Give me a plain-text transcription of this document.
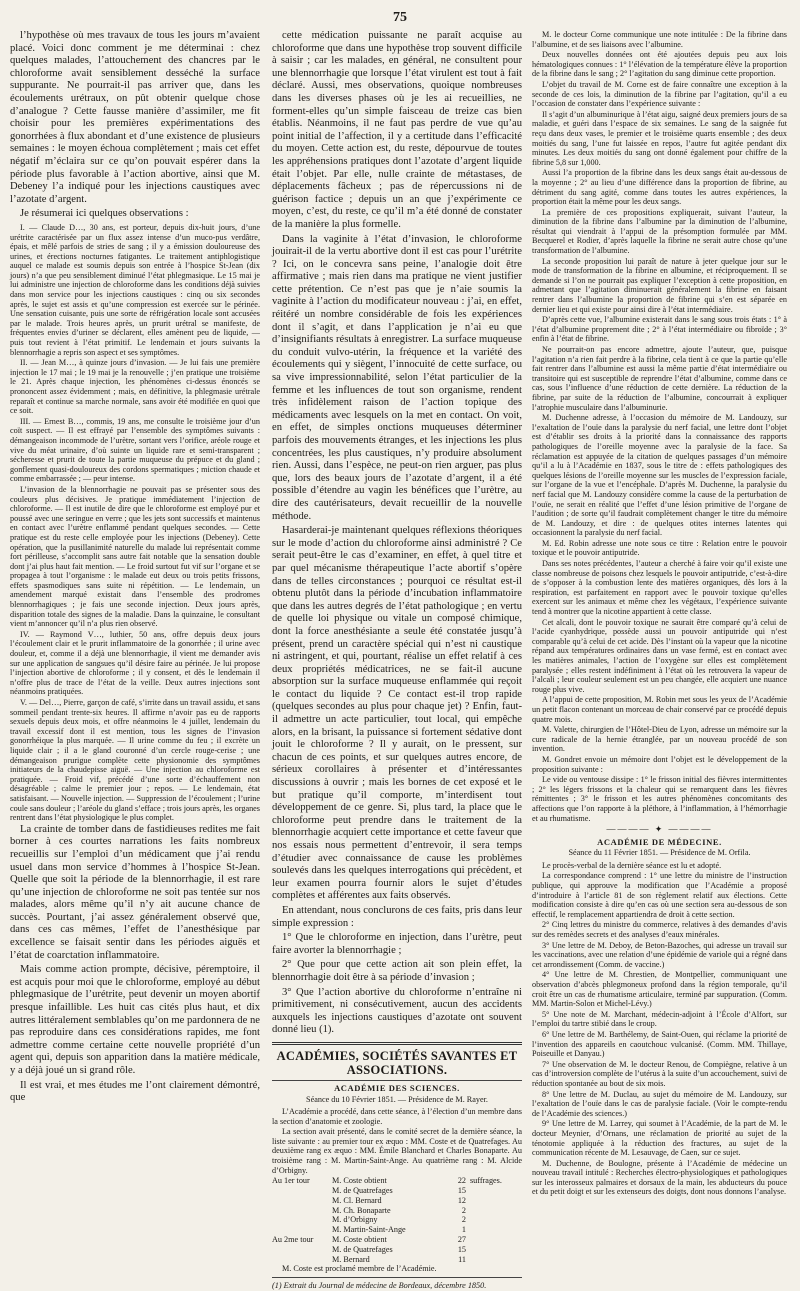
75

l’hypothèse où mes travaux de tous les jours m’avaient placé. Voici donc comment je me déterminai : chez quelques malades, l’attouchement des chancres par le chloroforme avait sensiblement desséché la surface suppurante. Ne pourrait-il pas arriver que, dans les écoulements urétraux, on pût obtenir quelque chose d’analogue ? Cette fausse manière d’assimiler, me fit choisir pour les premières expérimentations des gonorrhées à flux abondant et d’une existence de plusieurs semaines : le moyen échoua complètement ; mais cet effet négatif m’éclaira sur ce qu’on pouvait espérer dans la période plus favorable à l’action abortive, ainsi que M. Debeney l’a indiqué pour les injections caustiques avec l’azotate d’argent.

Je résumerai ici quelques observations :

I. — Claude D…, 30 ans, est porteur, depuis dix-huit jours, d’une urétrite caractérisée par un flux assez intense d’un muco-pus verdâtre, épais, et mêlé parfois de stries de sang ; il y a émission douloureuse des urines, et érections nocturnes fatigantes. Le traitement antiphlogistique auquel ce malade est soumis depuis son entrée à l’hospice St-Jean (dix jours) n’a que peu sensiblement diminué l’état phlegmasique. Le 15 mai je lui administre une injection de chloroforme dans les conditions déjà suivies dans mon service pour les injections caustiques : cinq ou six secondes après, le sujet est assis et qu’une compression est exercée sur le périnée. Une sensation cuisante, puis une sorte de réfrigération locale sont accusées par le malade. Trois heures après, un prurit urétral se manifeste, de fréquentes envies d’uriner se déclarent, elles amènent peu de liquide, — puis tout revient à l’état primitif. Le lendemain et jours suivants la blennorrhagie a repris son aspect et ses symptômes.

II. — Jean M…, à quinze jours d’invasion. — Je lui fais une première injection le 17 mai ; le 19 mai je la renouvelle ; j’en pratique une troisième le 21. Après chaque injection, les phénomènes ci-dessus énoncés se prononcent assez évidemment ; mais, en définitive, la phlegmasie urétrale reparaît et continue sa marche normale, sans avoir été modifiée en quoi que ce soit.

III. — Ernest B…, commis, 19 ans, me consulte le troisième jour d’un coït suspect. — Il est effrayé par l’ensemble des symptômes suivants : démangeaison incommode de l’urètre, sortant vers l’orifice, aréole rouge et vive du méat urinaire, d’où suinte un liquide rare et semi-transparent ; sécheresse et prurit de toute la partie muqueuse du prépuce et du gland ; gonflement quasi-douloureux des cordons spermatiques ; miction chaude et comme embarrassée ; — peur intense.

L’invasion de la blennorrhagie ne pouvait pas se présenter sous des couleurs plus décisives. Je pratique immédiatement l’injection de chloroforme. — Il est inutile de dire que le chloroforme est employé pur et poussé avec une seringue en verre ; que les jets sont successifs et maintenus en contact avec l’urètre enflammé pendant quelques secondes. — Cette pratique est du reste celle employée pour les injections (Debeney). Cette opération, que la pusillanimité naturelle du malade lui représentait comme fort périlleuse, s’accomplit sans autre fait notable que la sensation double dont j’ai plus haut fait mention. — Le froid surtout fut vif sur l’organe et se propagea à tout l’organisme : le malade eut deux ou trois petits frissons, effets spasmodiques sans suite ni répétition. — Le lendemain, un amendement marqué existait dans l’ensemble des prodromes blennorrhagiques ; je fais une seconde injection. Deux jours après, disparition totale des signes de la maladie. Dans la quinzaine, le consultant vient m’annoncer qu’il n’a plus rien observé.

IV. — Raymond V…, luthier, 50 ans, offre depuis deux jours l’écoulement clair et le prurit inflammatoire de la gonorrhée ; il urine avec douleur, et, comme il a déjà une blennorrhagie, il vient me demander avis sur une application de sangsues qu’il désire faire au périnée. Je lui propose l’injection abortive de chloroforme ; il y consent, et dès le lendemain il n’offre plus de trace de l’état de la veille. Deux autres injections sont néanmoins pratiquées.

V. — Del…, Pierre, garçon de café, s’irrite dans un travail assidu, et sans sommeil pendant trente-six heures. Il affirme n’avoir pas eu de rapports sexuels depuis deux mois, et offre néanmoins le 4 juillet, lendemain du travail excessif dont il est mention, tous les signes de l’invasion gonorrhéique la plus marquée. — Il urine comme du feu ; il excrète un liquide clair ; il a le gland couronné d’un cercle rouge-cerise ; une démangeaison prurigue complète cette physionomie des symptômes initiateurs de la chaudepisse aiguë. — Une injection au chloroforme est pratiquée. — Froid vif, précédé d’une sorte d’échauffement non désagréable ; calme le premier jour ; repos. — Le lendemain, état satisfaisant. — Nouvelle injection. — Suppression de l’écoulement ; l’urine coule sans douleur ; l’aréole du gland s’efface ; trois jours après, les organes rentrent dans l’état physiologique le plus complet.

La crainte de tomber dans de fastidieuses redites me fait borner à ces courtes narrations les faits nombreux recueillis sur l’emploi d’un médicament que j’ai rendu usuel dans mon service d’hommes à l’hospice St-Jean. Quelle que soit la période de la blennorrhagie, il est rare qu’une injection de chloroforme ne soit pas tentée sur nos malades, alors même qu’il n’y ait aucune chance de succès. Pourtant, j’ai assez généralement observé que, dans ces cas mêmes, l’effet de l’anesthésique par excellence se faisait sentir dans les périodes aiguës et l’état de coarctation inflammatoire.

Mais comme action prompte, décisive, péremptoire, il est acquis pour moi que le chloroforme, employé au début phlegmasique de l’urétrite, peut devenir un moyen abortif presque infaillible. Les huit cas cités plus haut, et dix autres littéralement semblables qu’on me pardonnera de ne pas reproduire dans ces considérations rapides, me font admettre comme certaine cette nouvelle propriété d’un agent qui, depuis son apparition dans la matière médicale, y a déjà joué un si grand rôle.

Il est vrai, et mes études me l’ont clairement démontré, que

cette médication puissante ne paraît acquise au chloroforme que dans une hypothèse trop souvent difficile à saisir ; car les malades, en général, ne consultent pour une blennorrhagie que lorsque l’état virulent est tout à fait déclaré. Aussi, mes observations, quoique nombreuses dans les diverses phases où je les ai recueillies, ne forment-elles qu’un simple faisceau de treize cas bien établis. Néanmoins, il ne faut pas perdre de vue qu’au point initial de l’affection, il y a certitude dans l’efficacité du moyen. Cette action est, du reste, dépourvue de toutes les appréhensions pratiques dont l’azotate d’argent liquide était l’objet. Par elle, nulle crainte de métastases, de déplacements fâcheux ; pas de répercussions ni de guérison factice ; depuis un an que j’expérimente ce moyen, c’est, du reste, ce qu’il m’a été donné de constater de la manière la plus formelle.

Dans la vaginite à l’état d’invasion, le chloroforme jouirait-il de la vertu abortive dont il est cas pour l’urétrite ? Ici, on le concevra sans peine, l’analogie doit être affirmative ; mais rien dans ma pratique ne vient justifier cette prétention. Ce n’est pas que je n’aie soumis la vaginite à l’action du modificateur nouveau : j’ai, en effet, réitéré un nombre considérable de fois les expériences dont il s’agit, et dans l’application je n’ai eu que d’insignifiants résultats à enregistrer. La surface muqueuse du conduit vulvo-utérin, la fréquence et la variété des écoulements qui y siègent, l’innocuité de cette surface, ou sa vive impressionnabilité, selon l’état particulier de la femme et les influences de tout son organisme, rendent très infidèlement raison de l’action topique des médicaments avec lesquels on la met en contact. On voit, en effet, de simples onctions muqueuses déterminer parfois des mouvements étranges, et les injections les plus concentrées, les plus caustiques, n’y produire absolument rien. Aussi, dans l’espèce, ne peut-on rien arguer, pas plus que, lors des beaux jours de l’azotate d’argent, il a été possible d’étendre au vagin les bénéfices que l’urètre, au dire des cautérisateurs, devait recueillir de la nouvelle méthode.

Hasarderai-je maintenant quelques réflexions théoriques sur le mode d’action du chloroforme ainsi administré ? Ce serait peut-être le cas d’examiner, en effet, à quel titre et par quel mécanisme thérapeutique l’acte abortif s’opère dans de telles circonstances ; pourquoi ce résultat est-il obtenu plutôt dans la période d’incubation inflammatoire que dans les autres degrés de l’état pathologique ; en vertu de quelle loi physique ou vitale un composé chimique, dont la force anesthésiante a seule été constatée jusqu’à présent, prend un caractère spécial qui n’est ni caustique ni astringent, et qui, pourtant, réalise un effet relatif à ces deux propriétés médicatrices, ne se fait-il aucune absorption sur la surface muqueuse enflammée qui reçoit le contact du liquide ? Ce contact est-il trop rapide (quelques secondes au plus pour chaque jet) ? Enfin, faut-il admettre un acte particulier, tout local, qui empêche alors, en la brisant, la puissance si fortement sédative dont jouit le chloroforme ? Il y aurait, on le pressent, sur chacun de ces points, et sur quelques autres encore, de sérieux corollaires à présenter et d’intéressantes discussions à ouvrir ; mais les bornes de cet exposé et le but pratique qu’il comporte, m’interdisent tout développement de ce genre. Si, plus tard, la place que le chloroforme peut prendre dans le traitement de la blennorrhagie acquiert cette importance et cette faveur que nos essais nous permettent d’entrevoir, il sera temps d’étudier avec connaissance de cause les problèmes soulevés dans les quelques interrogations qui précèdent, et leur examen pourra fournir alors le sujet d’études complètes et afférentes aux faits observés.

En attendant, nous conclurons de ces faits, pris dans leur simple expression :

1° Que le chloroforme en injection, dans l’urètre, peut faire avorter la blennorrhagie ;

2° Que pour que cette action ait son plein effet, la blennorrhagie doit être à sa période d’invasion ;

3° Que l’action abortive du chloroforme n’entraîne ni primitivement, ni consécutivement, aucun des accidents auxquels les injections caustiques d’azotate ont souvent donné lieu (1).

ACADÉMIES, SOCIÉTÉS SAVANTES ET ASSOCIATIONS.
ACADÉMIE DES SCIENCES.
Séance du 10 Février 1851. — Présidence de M. Rayer.

L’Académie a procédé, dans cette séance, à l’élection d’un membre dans la section d’anatomie et zoologie.

La section avait présenté, dans le comité secret de la dernière séance, la liste suivante : au premier tour ex æquo : MM. Coste et de Quatrefages. Au deuxième rang ex æquo : MM. Émile Blanchard et Charles Bonaparte. Au troisième rang : M. Martin-Saint-Ange. Au quatrième rang : M. Alcide d’Orbigny.

Au 1er tour	M. Coste obtient	22	suffrages.
	M. de Quatrefages	15	
	M. Cl. Bernard	12	
	M. Ch. Bonaparte	2	
	M. d’Orbigny	2	
	M. Martin-Saint-Ange	1	
Au 2me tour	M. Coste obtient	27	
	M. de Quatrefages	15	
	M. Bernard	11	

M. Coste est proclamé membre de l’Académie.

(1) Extrait du Journal de médecine de Bordeaux, décembre 1850.

M. le docteur Corne communique une note intitulée : De la fibrine dans l’albumine, et de ses liaisons avec l’albumine.

Deux nouvelles données ont été ajoutées depuis peu aux lois hématologiques connues : 1° l’élévation de la température élève la proportion de la fibrine dans le sang ; 2° l’agitation du sang diminue cette proportion.

L’objet du travail de M. Corne est de faire connaître une exception à la seconde de ces lois, la diminution de la fibrine par l’agitation, qu’il a eu l’occasion de constater dans l’expérience suivante :

Il s’agit d’un albuminurique à l’état aigu, saigné deux premiers jours de sa maladie, et guéri dans l’espace de six semaines. Le sang de la saignée fut reçu dans deux vases, le premier et le troisième quarts ensemble ; des deux moitiés du sang, l’une fut laissée en repos, l’autre fut agitée pendant dix minutes. Les deux moitiés du sang ont donné également pour chiffre de la fibrine 5,8 sur 1,000.

Aussi l’a proportion de la fibrine dans les deux sangs était au-dessous de la moyenne ; 2° au lieu d’une différence dans la proportion de fibrine, au détriment du sang agité, comme dans toutes les autres expériences, la proportion était la même pour les deux sangs.

La première de ces propositions expliquerait, suivant l’auteur, la diminution de la fibrine dans l’albumine par la diminution de l’albumine, résultat qui viendrait à l’appui de la présomption formulée par MM. Becquerel et Rodier, d’après laquelle la fibrine ne serait autre chose qu’une transformation de l’albumine.

La seconde proposition lui paraît de nature à jeter quelque jour sur le mode de transformation de la fibrine en albumine, et réciproquement. Il se demande si l’on ne pourrait pas expliquer l’exception à cette proposition, en admettant que l’agitation diminuerait généralement la fibrine en faisant rentrer dans l’albumine la proportion de fibrine qui s’en est séparée en dernier lieu et qui existe pour ainsi dire à l’état intermédiaire.

D’après cette vue, l’albumine existerait dans le sang sous trois états : 1° à l’état d’albumine proprement dite ; 2° à l’état intermédiaire ou fibroïde ; 3° enfin à l’état de fibrine.

Ne pourrait-on pas encore admettre, ajoute l’auteur, que, puisque l’agitation n’a rien fait perdre à la fibrine, cela tient à ce que la partie qu’elle fait rentrer dans l’albumine est aussi la même partie d’état intermédiaire ou transitoire qui est susceptible de reprendre l’état d’albumine, comme dans ce cas, sous l’influence d’une réduction de cette dernière. La réduction de la fibrine, par suite de la réduction de l’albumine, concourrait à expliquer l’atrophie musculaire dans l’albuminurie.

M. Duchenne adresse, à l’occasion du mémoire de M. Landouzy, sur l’exaltation de l’ouïe dans la paralysie du nerf facial, une lettre dont l’objet est d’établir ses droits à la priorité dans la connaissance des rapports pathologiques de l’oreille moyenne avec la paralysie de la face. Sa réclamation est appuyée de la citation de quelques passages d’un mémoire qu’il a lu à l’Académie en 1837, sous le titre de : effets pathologiques des quelques lésions de l’oreille moyenne sur les muscles de l’expression faciale, sur l’organe de la vue et l’encéphale. D’après M. Duchenne, la paralysie du nerf facial que M. Landouzy considère comme la cause de la perturbation de l’ouïe, ne serait en réalité que l’effet d’une lésion primitive de l’organe de l’audition ; de sorte qu’il faudrait complètement changer le titre du mémoire de M. Landouzy, et dire : de quelques otites internes latentes qui occasionnent la paralysie du nerf facial.

M. Ed. Robin adresse une note sous ce titre : Relation entre le pouvoir toxique et le pouvoir antiputride.

Dans ses notes précédentes, l’auteur a cherché à faire voir qu’il existe une classe nombreuse de poisons chez lesquels le pouvoir antiputride, c’est-à-dire de s’opposer à la combustion lente des matières organiques, dès lors à la respiration, est parfaitement en rapport avec le pouvoir toxique qu’elles exercent sur les animaux et même chez les végétaux, l’expérience suivante tend à montrer que la nicotine appartient à cette classe.

Cet alcali, dont le pouvoir toxique ne saurait être comparé qu’à celui de l’acide cyanhydrique, possède aussi un pouvoir antiputride qui n’est comparable qu’à celui de cet acide. Dès l’instant où la vapeur que la nicotine répand aux températures ordinaires dans un vase fermé, est en contact avec les matières animales, l’action de l’oxygène sur elles est complètement paralysée ; elles restent indéfiniment à l’état où les retrouvera la vapeur de l’alcali ; leur couleur seulement est un peu changée, elle acquiert une nuance rouge plus vive.

A l’appui de cette proposition, M. Robin met sous les yeux de l’Académie un petit flacon contenant un morceau de chair conservé par ce procédé depuis quatre mois.

M. Valette, chirurgien de l’Hôtel-Dieu de Lyon, adresse un mémoire sur la cure radicale de la hernie étranglée, par un nouveau procédé de son invention.

M. Gondret envoie un mémoire dont l’objet est le développement de la proposition suivante :

Le vide ou ventouse dissipe : 1° le frisson initial des fièvres intermittentes ; 2° les légers frissons et la chaleur qui se remarquent dans les fièvres rémittentes ; 3° le frisson et les autres phénomènes concomitants des affections que l’on rapporte à la pléthore, à l’inflammation, à l’hémorrhagie et au rhumatisme.

———— ✦ ————
ACADÉMIE DE MÉDECINE.
Séance du 11 Février 1851. — Présidence de M. Orfila.

Le procès-verbal de la dernière séance est lu et adopté.

La correspondance comprend : 1° une lettre du ministre de l’instruction publique, qui approuve la modification que l’Académie a proposé d’introduire à l’article 81 de son règlement relatif aux élections. Cette modification consiste à dire qu’en cas où une section sera au-dessous de son effectif, le remplacement appartiendra de droit à cette section.

2° Cinq lettres du ministre du commerce, relatives à des demandes d’avis sur des remèdes secrets et des analyses d’eaux minérales.

3° Une lettre de M. Deboy, de Beton-Bazoches, qui adresse un travail sur les vaccinations, avec une relation d’une épidémie de variole qui a régné dans cet arrondissement (Comm. de vaccine.)

4° Une lettre de M. Chrestien, de Montpellier, communiquant une observation d’abcès phlegmoneux profond dans la région temporale, qu’il croit être un cas de rhumatisme articulaire, terminé par suppuration. (Comm. MM. Martin-Solon et Michel-Lévy.)

5° Une note de M. Marchant, médecin-adjoint à l’École d’Alfort, sur l’emploi du tartre stibié dans le croup.

6° Une lettre de M. Barthélemy, de Saint-Ouen, qui réclame la priorité de l’invention des appareils en caoutchouc vulcanisé. (Comm. MM. Thillaye, Poiseuille et Danyau.)

7° Une observation de M. le docteur Renou, de Compiègne, relative à un cas d’introversion complète de l’utérus à la suite d’un accouchement, suivi de réduction spontanée au bout de six mois.

8° Une lettre de M. Duclau, au sujet du mémoire de M. Landouzy, sur l’exaltation de l’ouïe dans le cas de paralysie faciale. (Voir le compte-rendu de l’Académie des sciences.)

9° Une lettre de M. Larrey, qui soumet à l’Académie, de la part de M. le docteur Meynier, d’Ornans, une réclamation de priorité au sujet de la ténotomie appliquée à la réduction des fractures, au sujet de la communication récente de M. Lesauvage, de Caen, sur ce sujet.

M. Duchenne, de Boulogne, présente à l’Académie de médecine un nouveau travail intitulé : Recherches électro-physiologiques et pathologiques sur les interosseux palmaires et dorsaux de la main, les abducteurs du pouce et du petit doigt et sur les extenseurs des doigts, dont nous donnons l’analyse.
